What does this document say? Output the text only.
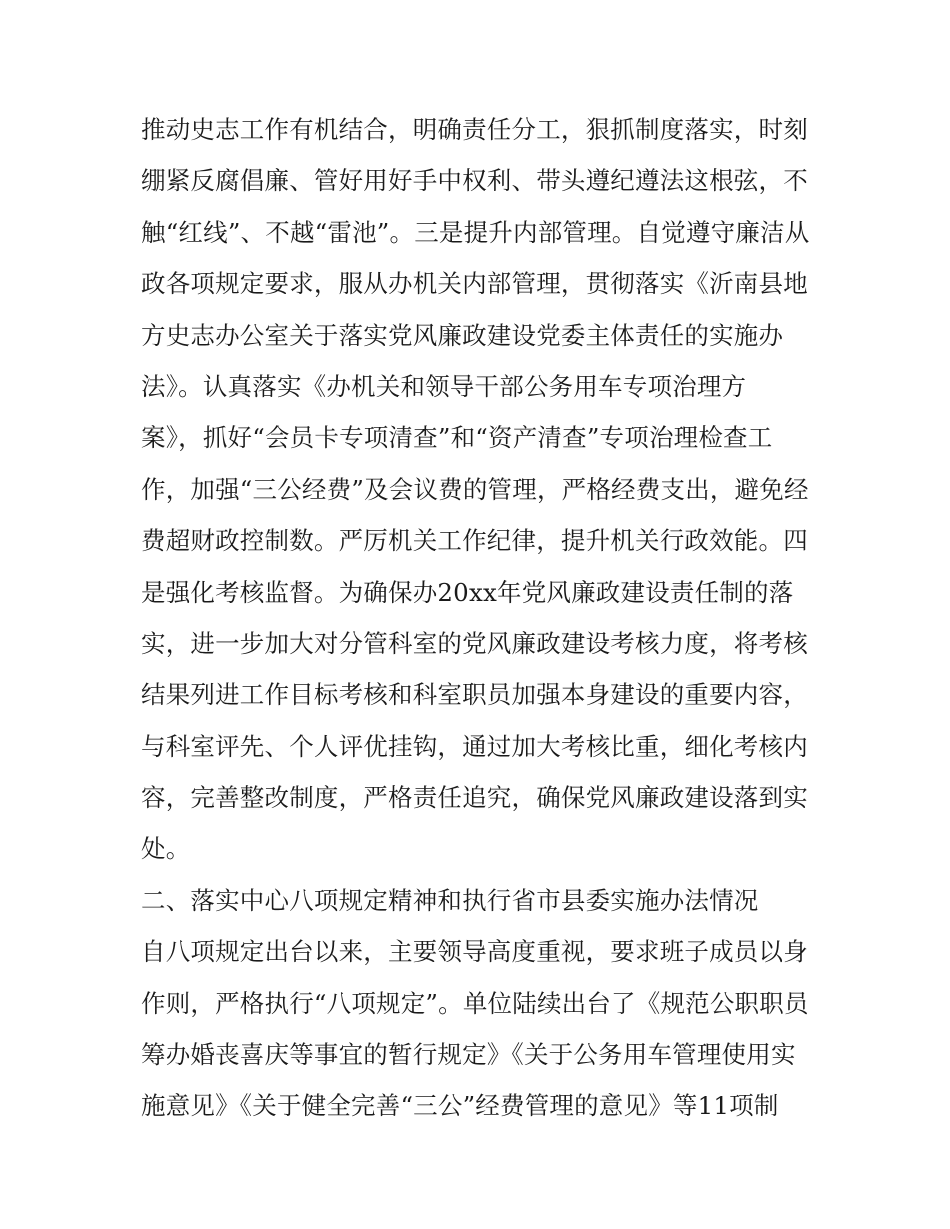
推动史志工作有机结合，明确责任分工，狠抓制度落实，时刻
绷紧反腐倡廉、管好用好手中权利、带头遵纪遵法这根弦，不
触“红线”、不越“雷池”。三是提升内部管理。自觉遵守廉洁从
政各项规定要求，服从办机关内部管理，贯彻落实《沂南县地
方史志办公室关于落实党风廉政建设党委主体责任的实施办
法》。认真落实《办机关和领导干部公务用车专项治理方
案》，抓好“会员卡专项清查”和“资产清查”专项治理检查工
作，加强“三公经费”及会议费的管理，严格经费支出，避免经
费超财政控制数。严厉机关工作纪律，提升机关行政效能。四
是强化考核监督。为确保办20xx年党风廉政建设责任制的落
实，进一步加大对分管科室的党风廉政建设考核力度，将考核
结果列进工作目标考核和科室职员加强本身建设的重要内容，
与科室评先、个人评优挂钩，通过加大考核比重，细化考核内
容，完善整改制度，严格责任追究，确保党风廉政建设落到实
处。
二、落实中心八项规定精神和执行省市县委实施办法情况
自八项规定出台以来，主要领导高度重视，要求班子成员以身
作则，严格执行“八项规定”。单位陆续出台了《规范公职职员
筹办婚丧喜庆等事宜的暂行规定》《关于公务用车管理使用实
施意见》《关于健全完善“三公”经费管理的意见》等11项制
